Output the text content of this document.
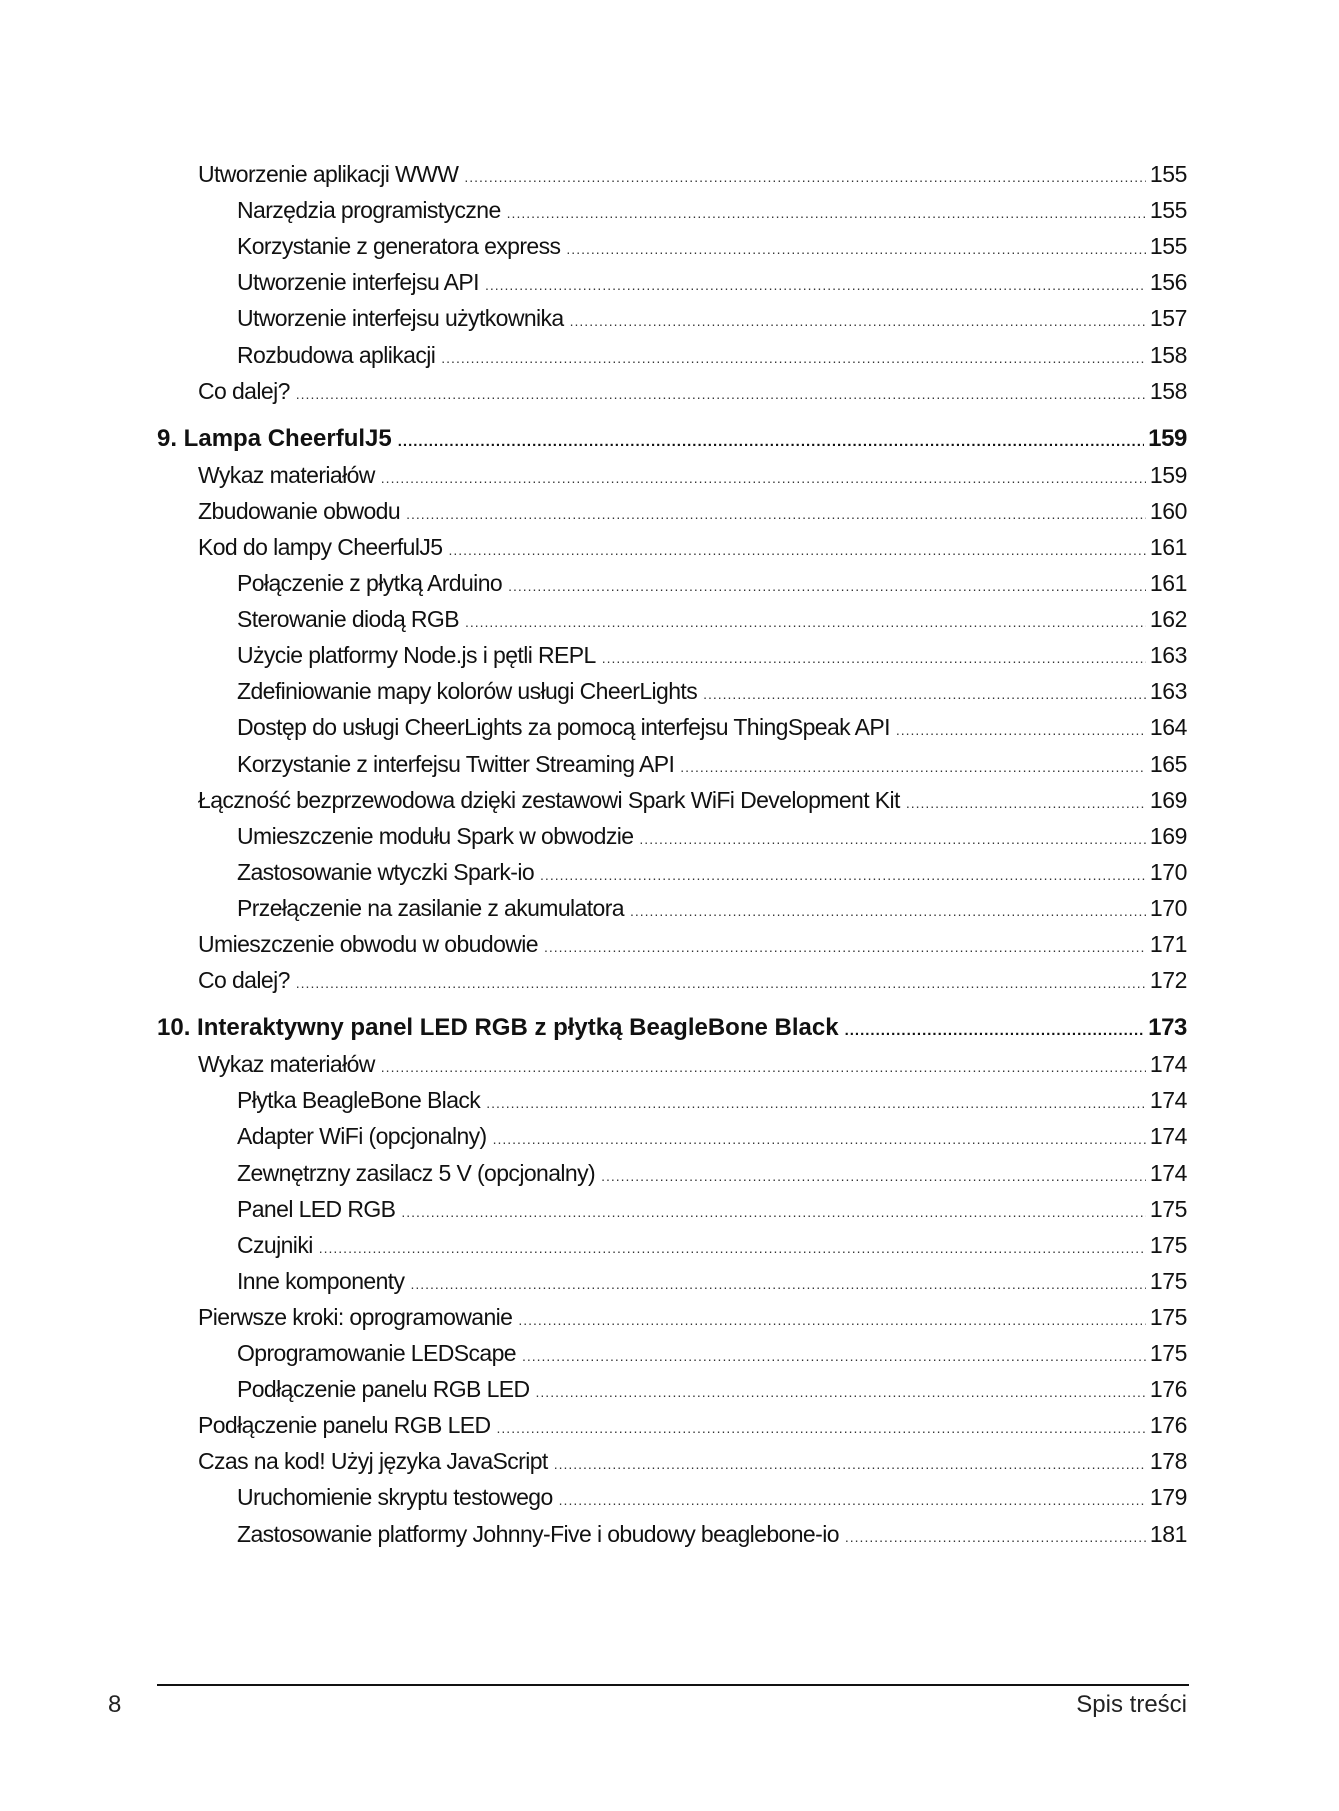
Utworzenie aplikacji WWW .....	155
Narzędzia programistyczne .....	155
Korzystanie z generatora express .....	155
Utworzenie interfejsu API .....	156
Utworzenie interfejsu użytkownika .....	157
Rozbudowa aplikacji .....	158
Co dalej? .....	158
9. Lampa CheerfulJ5 .....	159
Wykaz materiałów .....	159
Zbudowanie obwodu .....	160
Kod do lampy CheerfulJ5 .....	161
Połączenie z płytką Arduino .....	161
Sterowanie diodą RGB .....	162
Użycie platformy Node.js i pętli REPL .....	163
Zdefiniowanie mapy kolorów usługi CheerLights .....	163
Dostęp do usługi CheerLights za pomocą interfejsu ThingSpeak API .....	164
Korzystanie z interfejsu Twitter Streaming API .....	165
Łączność bezprzewodowa dzięki zestawowi Spark WiFi Development Kit .....	169
Umieszczenie modułu Spark w obwodzie .....	169
Zastosowanie wtyczki Spark-io .....	170
Przełączenie na zasilanie z akumulatora .....	170
Umieszczenie obwodu w obudowie .....	171
Co dalej? .....	172
10. Interaktywny panel LED RGB z płytką BeagleBone Black .....	173
Wykaz materiałów .....	174
Płytka BeagleBone Black .....	174
Adapter WiFi (opcjonalny) .....	174
Zewnętrzny zasilacz 5 V (opcjonalny) .....	174
Panel LED RGB .....	175
Czujniki .....	175
Inne komponenty .....	175
Pierwsze kroki: oprogramowanie .....	175
Oprogramowanie LEDScape .....	175
Podłączenie panelu RGB LED .....	176
Podłączenie panelu RGB LED .....	176
Czas na kod! Użyj języka JavaScript .....	178
Uruchomienie skryptu testowego .....	179
Zastosowanie platformy Johnny-Five i obudowy beaglebone-io .....	181
8	Spis treści
